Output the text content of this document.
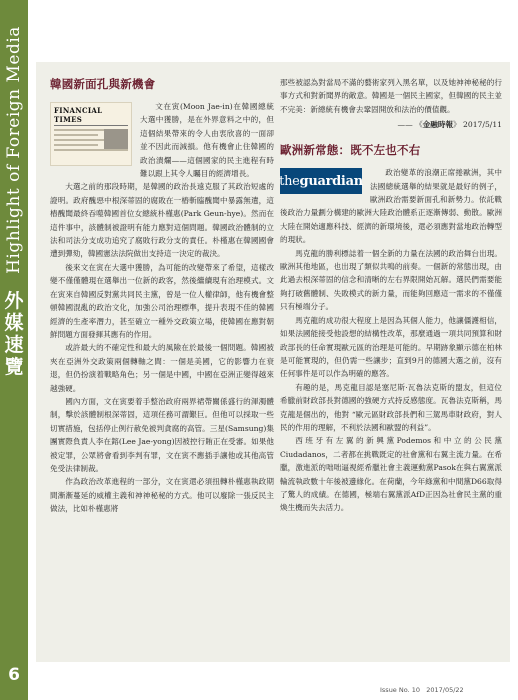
Highlight of Foreign Media
外
媒
速
覽
6
韓國新面孔與新機會
FINANCIAL TIMES

文在寅(Moon Jae-in)在韓國總統大選中獲勝，是在外界意料之中的，但這個結果帶來的令人由衷欣喜的一面卻並不因此而減損。他有機會止住韓國的政治潰爛——這個國家的民主進程有時難以跟上其令人矚目的經濟增長。

大選之前的那段時期，是韓國的政治長遠克服了其政治短處的證明。政府醜惡中根深蒂固的腐敗在一樁斬臨醜聞中暴露無遺，這樁醜聞最終吞噬韓國首位女總統朴槿惠(Park Geun-hye)。然而在這件事中，該體制被證明有能力應對這個問題。韓國政治體制的立法和司法分支成功追究了腐敗行政分支的責任。朴槿惠在韓國國會遭到彈劾，韓國憲法法院做出支持這一決定的裁決。

後來文在寅在大選中獲勝，為可能的改變帶來了希望，這樣改變不僅僅體現在選舉出一位新的政客，然後繼續現有治理模式。文在寅來自韓國反對黨共同民主黨，曾是一位人權律師，他有機會整頓韓國混亂的政治文化，加強公司治理標準，提升表現不佳的韓國經濟的生產率潛力，甚至確立一種外交政策立場，使韓國在應對朝鮮問題方面發揮其應有的作用。

或許最大的不確定性和最大的風險在於最後一個問題。韓國被夾在亞洲外交政策兩個轉軸之間：一個是美國，它的影響力在衰退，但仍扮演着戰略角色；另一個是中國，中國在亞洲正變得越來越強硬。

國內方面，文在寅要着手整治政府兩界裙帶關係盛行的渾濁體制，擊於該體制根深蒂固，這項任務可謂艱巨。但他可以採取一些切實措施，包括停止例行赦免被判貪腐的高管。三星(Samsung)集團實際負責人李在鎔(Lee Jae-yong)因被控行賄正在受審。如果他被定罪，公眾將會看到李判有罪，文在寅不應插手讓他或其他高管免受法律制裁。

作為政治改革進程的一部分，文在寅還必須扭轉朴槿惠執政期間漸漸蔓延的威權主義和神神秘秘的方式。他可以廢除一張反民主做法，比如朴槿惠將

那些被認為對當局不滿的藝術家列入黑名單，以及她神神秘秘的行事方式和對新聞界的敵意。韓國是一個民主國家，但韓國的民主並不完美：新總統有機會去鞏固開放和法治的價值觀。

—— 《金融時報》 2017/5/11
歐洲新常態：既不左也不右
the guardian

政治變革的浪潮正席捲歐洲，其中法國總統選舉的結果就是最好的例子，歐洲政治需要新面孔和新勢力。依託戰後政治力量劃分構建的歐洲大陸政治體系正逐漸傳弱、動散。歐洲大陸在開始適應科技、經濟的新環境後，還必須應對當地政治轉型的現狀。

馬克龍的勝利標誌着一個全新的力量在法國的政治舞台出現。歐洲其他地區，也出現了類似共鳴的前奏。一個新的常態出現，由此過去根深蒂固的信念和清晰的左右界限開始瓦解。選民們需要能夠打破舊體制、失敗模式的新力量，而能夠回應這一需求的不僅僅只有極端分子。

馬克龍的成功很大程度上是因為其個人能力，他讓僵護相信，如果法國能接受他設想的結構性改革，那麼通過一項共同預算和財政部長的任命實現歐元區的治理是可能的。早期跡象顯示德在柏林是可能實現的，但仍需一些讓步；直到9月的德國大選之前，沒有任何事件是可以作為明確的應答。

有趣的是，馬克龍目認是塞尼斯·瓦魯法克斯的盟友，但這位希臘前財政部長對德國的強硬方式持反感態度。瓦魯法克斯稱，馬克龍是個出的，他對 “歐元區財政部長們和三駕馬車財政府，對人民的作用的理解，不利於法國和歐盟的利益”。

西班牙有左翼的新興黨Podemos和中立的公民黨Ciudadanos，二者都在挑戰既定的社會黨和右翼主流力量。在希臘，激進派的咄咄逼視經希臘社會主義運動黨Pasok在與右翼黨派輪流執政數十年後被邊緣化。在荷蘭，今年綠黨和中間黨D66取得了驚人的成績。在德國，極端右翼黨派AfD正因為社會民主黨的重煥生機而失去活力。

Issue No. 10 2017/05/22
